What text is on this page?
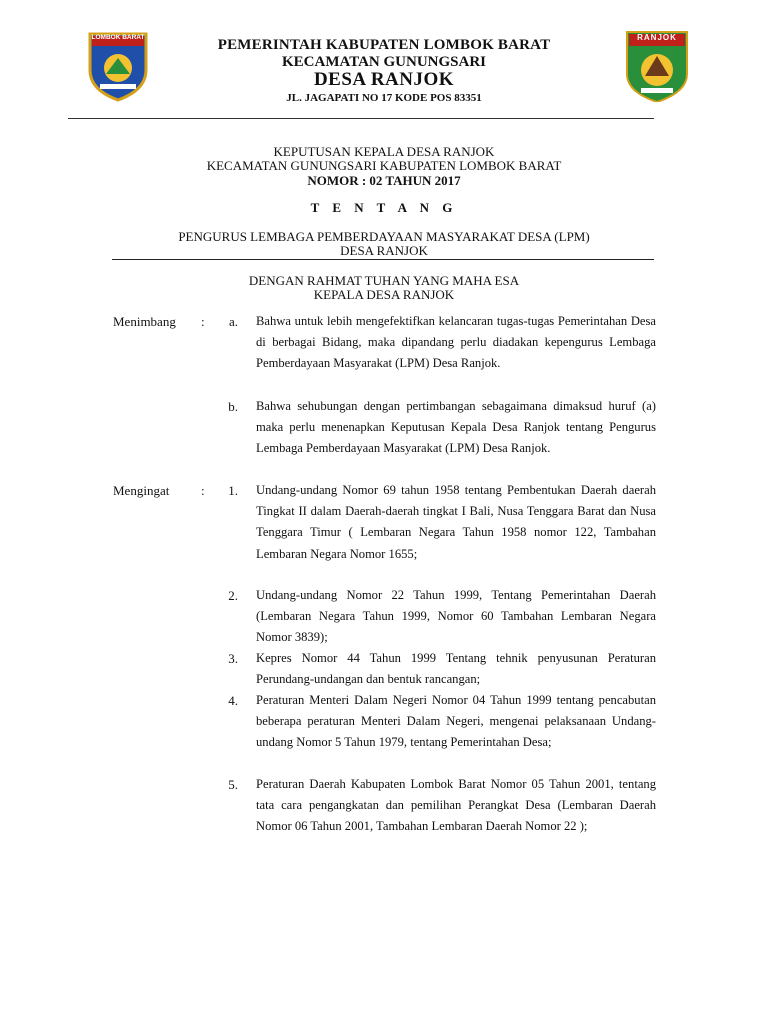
LOMBOK BARAT	RANJOK
PEMERINTAH KABUPATEN LOMBOK BARAT
KECAMATAN GUNUNGSARI
DESA RANJOK
JL. JAGAPATI NO 17 KODE POS 83351
KEPUTUSAN KEPALA DESA RANJOK
KECAMATAN GUNUNGSARI KABUPATEN LOMBOK BARAT
NOMOR : 02 TAHUN 2017
T E N T A N G
PENGURUS LEMBAGA PEMBERDAYAAN MASYARAKAT DESA (LPM)
DESA RANJOK
DENGAN RAHMAT TUHAN YANG MAHA ESA
KEPALA DESA RANJOK
Menimbang :	a. Bahwa untuk lebih mengefektifkan kelancaran tugas-tugas Pemerintahan Desa di berbagai Bidang, maka dipandang perlu diadakan kepengurus Lembaga Pemberdayaan Masyarakat (LPM) Desa Ranjok.
b. Bahwa sehubungan dengan pertimbangan sebagaimana dimaksud huruf (a) maka perlu menenapkan Keputusan Kepala Desa Ranjok tentang Pengurus Lembaga Pemberdayaan Masyarakat (LPM) Desa Ranjok.
Mengingat :	1. Undang-undang Nomor 69 tahun 1958 tentang Pembentukan Daerah daerah Tingkat II dalam Daerah-daerah tingkat I Bali, Nusa Tenggara Barat dan Nusa Tenggara Timur ( Lembaran Negara Tahun 1958 nomor 122, Tambahan Lembaran Negara Nomor 1655;
2. Undang-undang Nomor 22 Tahun 1999, Tentang Pemerintahan Daerah (Lembaran Negara Tahun 1999, Nomor 60 Tambahan Lembaran Negara Nomor 3839);
3. Kepres Nomor 44 Tahun 1999 Tentang tehnik penyusunan Peraturan Perundang-undangan dan bentuk rancangan;
4. Peraturan Menteri Dalam Negeri Nomor 04 Tahun 1999 tentang pencabutan beberapa peraturan Menteri Dalam Negeri, mengenai pelaksanaan Undang-undang Nomor 5 Tahun 1979, tentang Pemerintahan Desa;
5. Peraturan Daerah Kabupaten Lombok Barat Nomor 05 Tahun 2001, tentang tata cara pengangkatan dan pemilihan Perangkat Desa (Lembaran Daerah Nomor 06 Tahun 2001, Tambahan Lembaran Daerah Nomor 22 );
